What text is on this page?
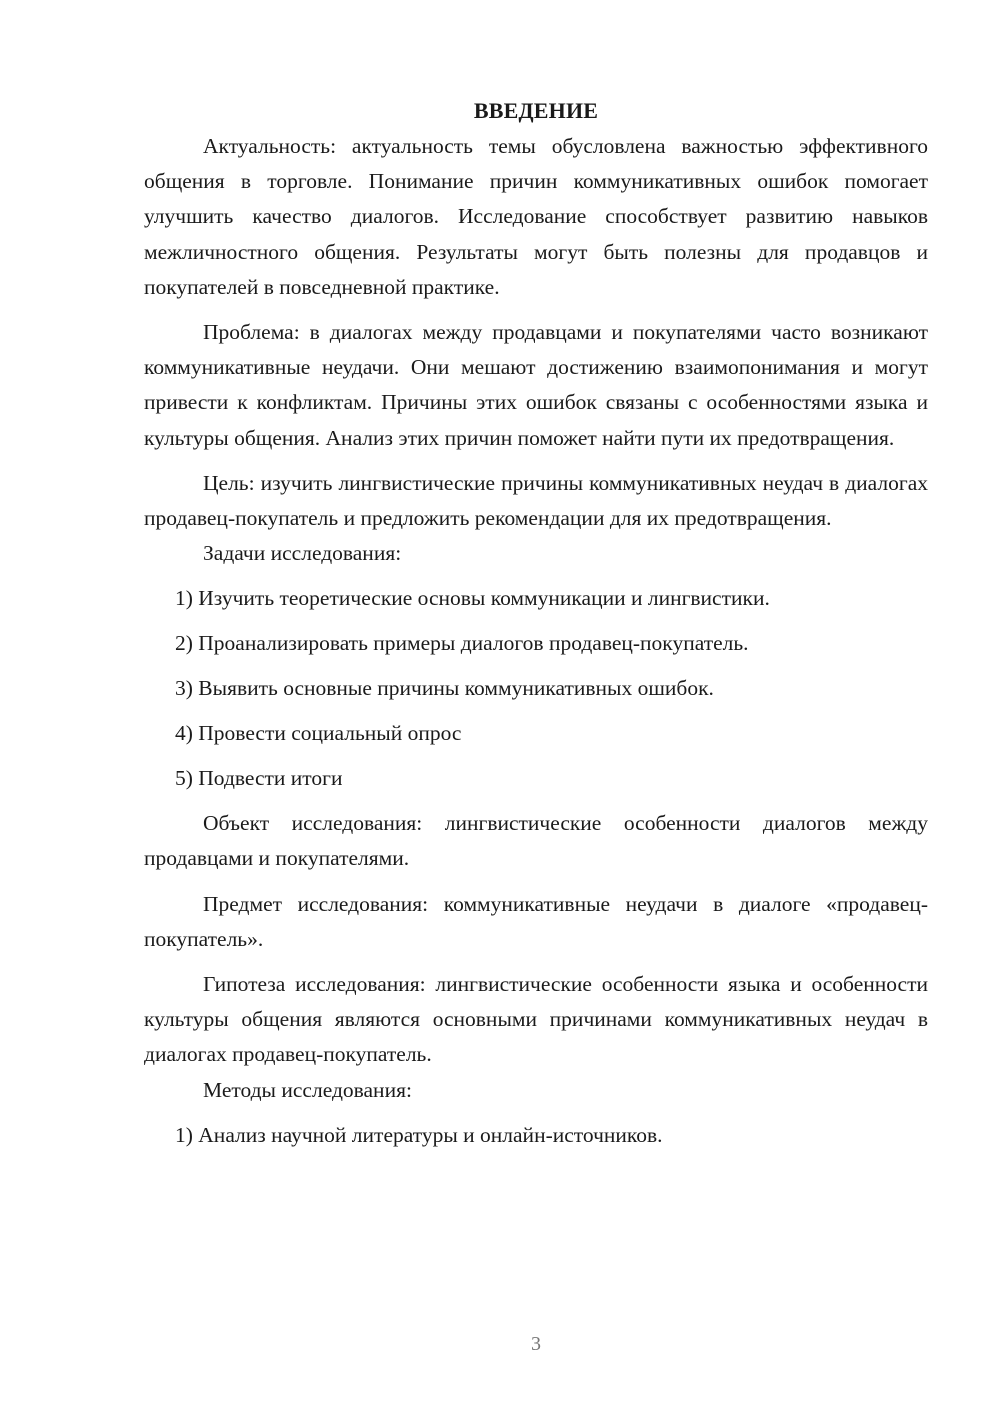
ВВЕДЕНИЕ

Актуальность: актуальность темы обусловлена важностью эффективного общения в торговле. Понимание причин коммуникативных ошибок помогает улучшить качество диалогов. Исследование способствует развитию навыков межличностного общения. Результаты могут быть полезны для продавцов и покупателей в повседневной практике.

Проблема: в диалогах между продавцами и покупателями часто возникают коммуникативные неудачи. Они мешают достижению взаимопонимания и могут привести к конфликтам. Причины этих ошибок связаны с особенностями языка и культуры общения. Анализ этих причин поможет найти пути их предотвращения.

Цель: изучить лингвистические причины коммуникативных неудач в диалогах продавец-покупатель и предложить рекомендации для их предотвращения.

Задачи исследования:

1) Изучить теоретические основы коммуникации и лингвистики.
2) Проанализировать примеры диалогов продавец-покупатель.
3) Выявить основные причины коммуникативных ошибок.
4) Провести социальный опрос
5) Подвести итоги

Объект исследования: лингвистические особенности диалогов между продавцами и покупателями.

Предмет исследования: коммуникативные неудачи в диалоге «продавец-покупатель».

Гипотеза исследования: лингвистические особенности языка и особенности культуры общения являются основными причинами коммуникативных неудач в диалогах продавец-покупатель.

Методы исследования:

1) Анализ научной литературы и онлайн-источников.
3
